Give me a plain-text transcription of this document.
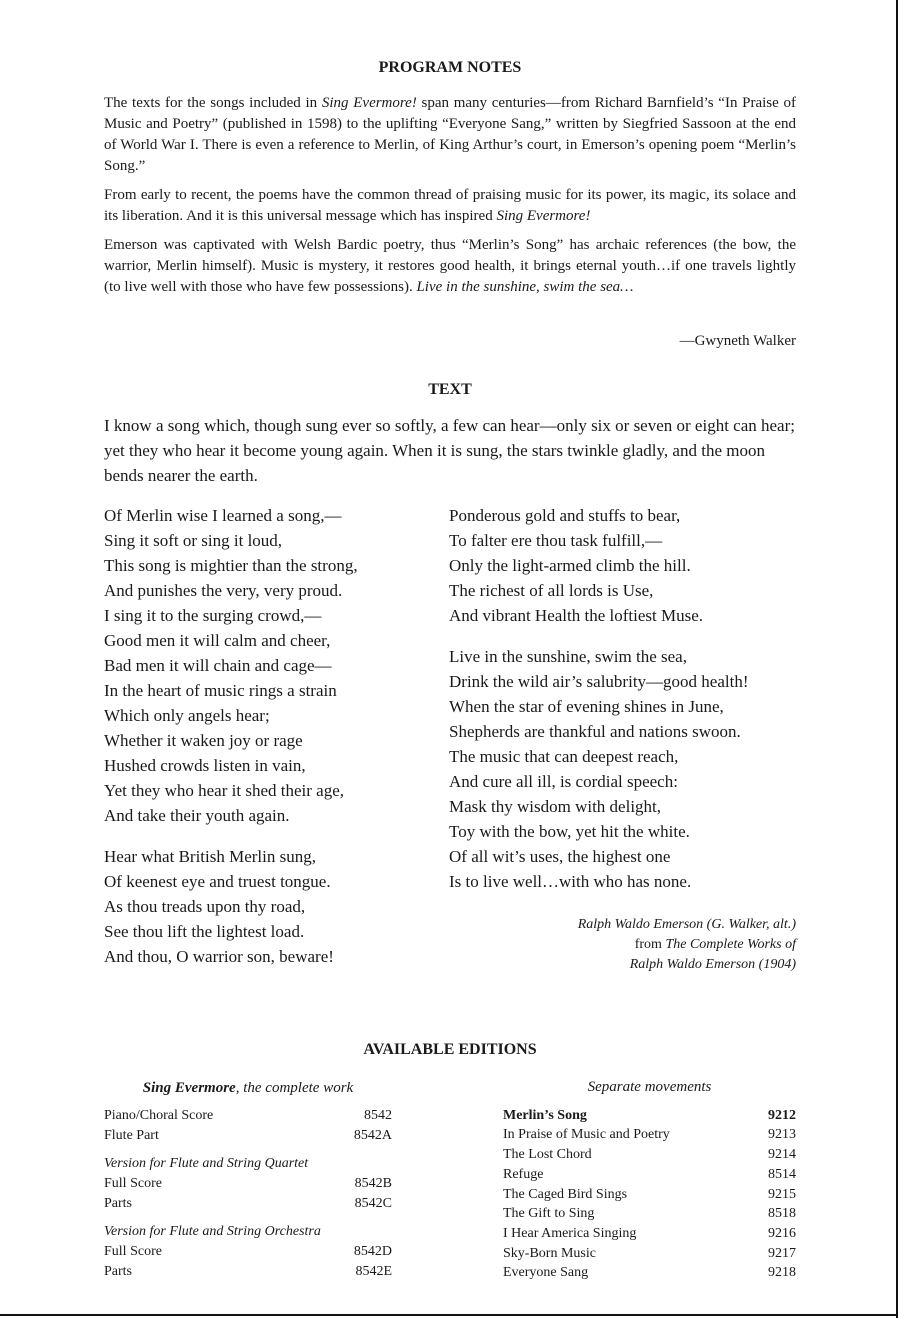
PROGRAM NOTES

The texts for the songs included in Sing Evermore! span many centuries—from Richard Barnfield’s “In Praise of Music and Poetry” (published in 1598) to the uplifting “Everyone Sang,” written by Siegfried Sassoon at the end of World War I. There is even a reference to Merlin, of King Arthur’s court, in Emerson’s opening poem “Merlin’s Song.”

From early to recent, the poems have the common thread of praising music for its power, its magic, its solace and its liberation. And it is this universal message which has inspired Sing Evermore!

Emerson was captivated with Welsh Bardic poetry, thus “Merlin’s Song” has archaic references (the bow, the warrior, Merlin himself). Music is mystery, it restores good health, it brings eternal youth…if one travels lightly (to live well with those who have few possessions). Live in the sunshine, swim the sea…

—Gwyneth Walker
TEXT
I know a song which, though sung ever so softly, a few can hear—only six or seven or eight can hear; yet they who hear it become young again. When it is sung, the stars twinkle gladly, and the moon bends nearer the earth.
Of Merlin wise I learned a song,—
Sing it soft or sing it loud,
This song is mightier than the strong,
And punishes the very, very proud.
I sing it to the surging crowd,—
Good men it will calm and cheer,
Bad men it will chain and cage—
In the heart of music rings a strain
Which only angels hear;
Whether it waken joy or rage
Hushed crowds listen in vain,
Yet they who hear it shed their age,
And take their youth again.
Hear what British Merlin sung,
Of keenest eye and truest tongue.
As thou treads upon thy road,
See thou lift the lightest load.
And thou, O warrior son, beware!
Ponderous gold and stuffs to bear,
To falter ere thou task fulfill,—
Only the light-armed climb the hill.
The richest of all lords is Use,
And vibrant Health the loftiest Muse.
Live in the sunshine, swim the sea,
Drink the wild air’s salubrity—good health!
When the star of evening shines in June,
Shepherds are thankful and nations swoon.
The music that can deepest reach,
And cure all ill, is cordial speech:
Mask thy wisdom with delight,
Toy with the bow, yet hit the white.
Of all wit’s uses, the highest one
Is to live well…with who has none.
Ralph Waldo Emerson (G. Walker, alt.)
from The Complete Works of
Ralph Waldo Emerson (1904)
AVAILABLE EDITIONS
Sing Evermore, the complete work
Piano/Choral Score	8542
Flute Part	8542A
Version for Flute and String Quartet
Full Score	8542B
Parts	8542C
Version for Flute and String Orchestra
Full Score	8542D
Parts	8542E
Separate movements
Merlin’s Song	9212
In Praise of Music and Poetry	9213
The Lost Chord	9214
Refuge	8514
The Caged Bird Sings	9215
The Gift to Sing	8518
I Hear America Singing	9216
Sky-Born Music	9217
Everyone Sang	9218
